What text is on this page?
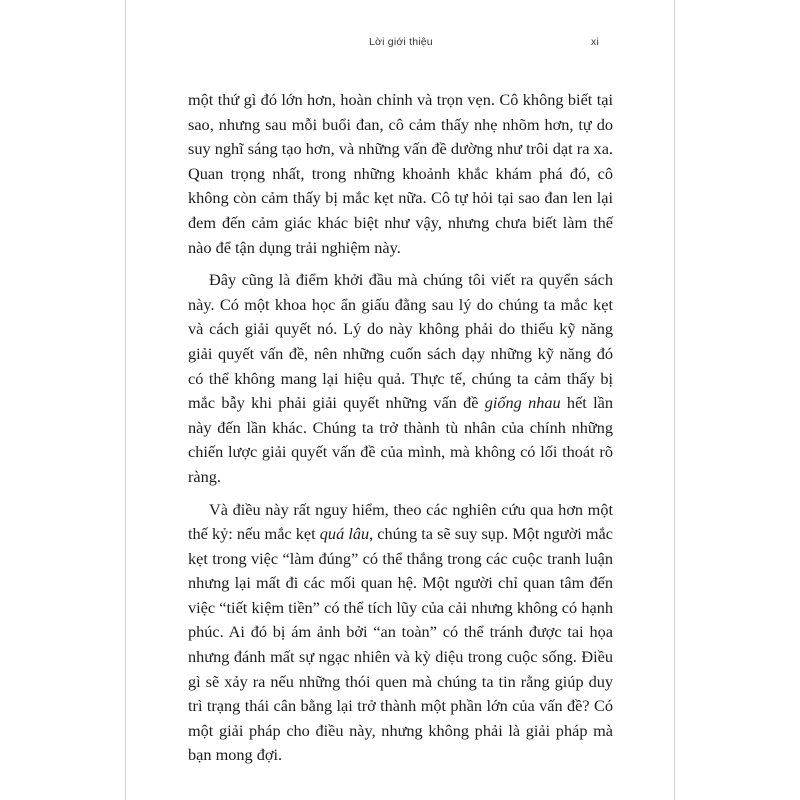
Lời giới thiệu	xi

một thứ gì đó lớn hơn, hoàn chỉnh và trọn vẹn. Cô không biết tại sao, nhưng sau mỗi buổi đan, cô cảm thấy nhẹ nhõm hơn, tự do suy nghĩ sáng tạo hơn, và những vấn đề dường như trôi dạt ra xa. Quan trọng nhất, trong những khoảnh khắc khám phá đó, cô không còn cảm thấy bị mắc kẹt nữa. Cô tự hỏi tại sao đan len lại đem đến cảm giác khác biệt như vậy, nhưng chưa biết làm thế nào để tận dụng trải nghiệm này.

Đây cũng là điểm khởi đầu mà chúng tôi viết ra quyển sách này. Có một khoa học ẩn giấu đằng sau lý do chúng ta mắc kẹt và cách giải quyết nó. Lý do này không phải do thiếu kỹ năng giải quyết vấn đề, nên những cuốn sách dạy những kỹ năng đó có thể không mang lại hiệu quả. Thực tế, chúng ta cảm thấy bị mắc bẫy khi phải giải quyết những vấn đề giống nhau hết lần này đến lần khác. Chúng ta trở thành tù nhân của chính những chiến lược giải quyết vấn đề của mình, mà không có lối thoát rõ ràng.

Và điều này rất nguy hiểm, theo các nghiên cứu qua hơn một thế kỷ: nếu mắc kẹt quá lâu, chúng ta sẽ suy sụp. Một người mắc kẹt trong việc “làm đúng” có thể thắng trong các cuộc tranh luận nhưng lại mất đi các mối quan hệ. Một người chỉ quan tâm đến việc “tiết kiệm tiền” có thể tích lũy của cải nhưng không có hạnh phúc. Ai đó bị ám ảnh bởi “an toàn” có thể tránh được tai họa nhưng đánh mất sự ngạc nhiên và kỳ diệu trong cuộc sống. Điều gì sẽ xảy ra nếu những thói quen mà chúng ta tin rằng giúp duy trì trạng thái cân bằng lại trở thành một phần lớn của vấn đề? Có một giải pháp cho điều này, nhưng không phải là giải pháp mà bạn mong đợi.
